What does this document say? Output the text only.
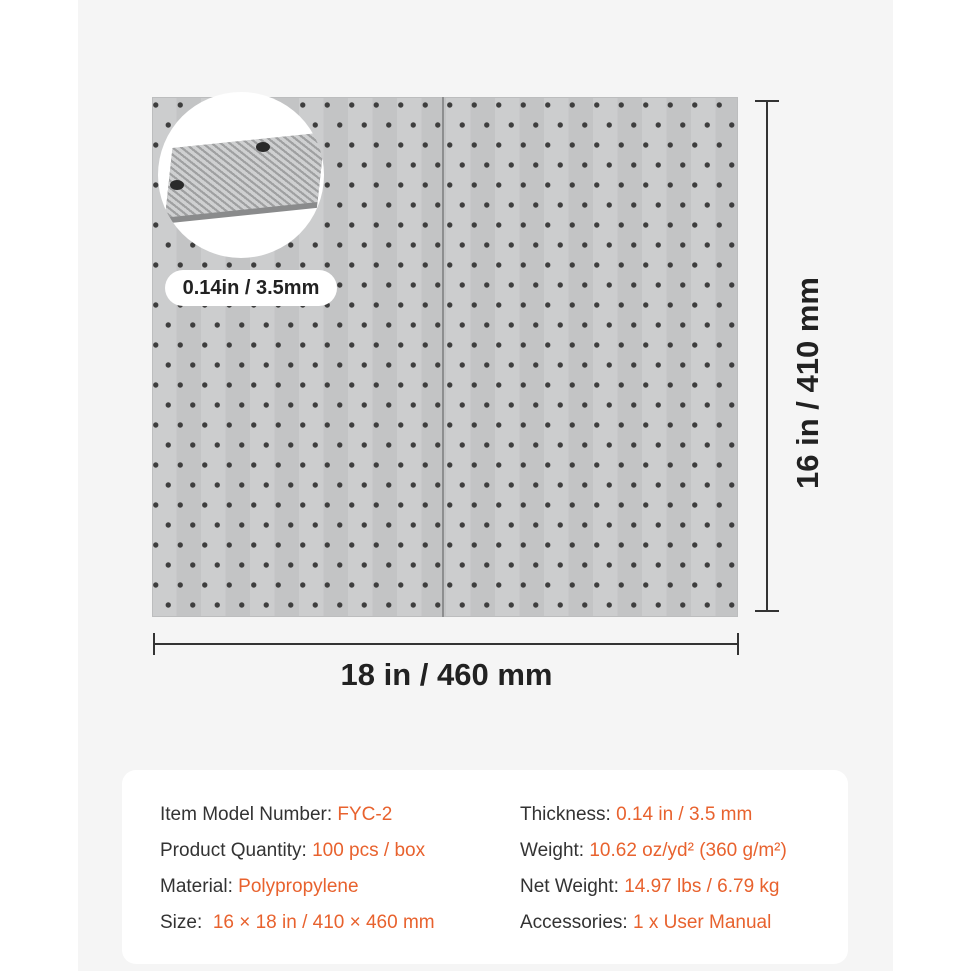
0.14in / 3.5mm
18 in / 460 mm
16 in / 410 mm
Item Model Number: FYC-2
Product Quantity: 100 pcs / box
Material: Polypropylene
Size:  16 × 18 in / 410 × 460 mm
Thickness: 0.14 in / 3.5 mm
Weight: 10.62 oz/yd² (360 g/m²)
Net Weight: 14.97 lbs / 6.79 kg
Accessories: 1 x User Manual
